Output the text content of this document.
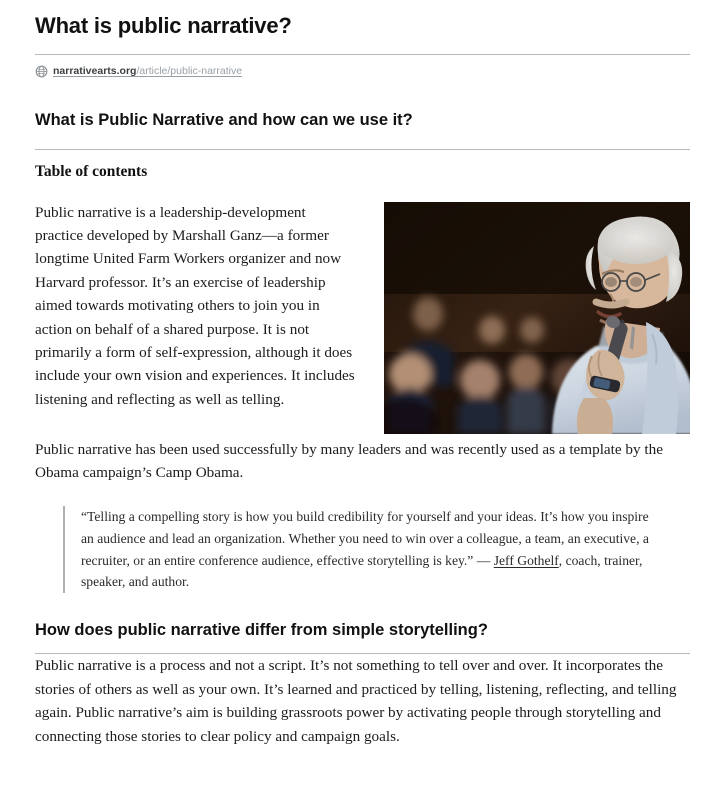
What is public narrative?
narrativearts.org/article/public-narrative
What is Public Narrative and how can we use it?
Table of contents

Public narrative is a leadership-development practice developed by Marshall Ganz—a former longtime United Farm Workers organizer and now Harvard professor. It’s an exercise of leadership aimed towards motivating others to join you in action on behalf of a shared purpose. It is not primarily a form of self-expression, although it does include your own vision and experiences. It includes listening and reflecting as well as telling.

Public narrative has been used successfully by many leaders and was recently used as a template by the Obama campaign’s Camp Obama.

“Telling a compelling story is how you build credibility for yourself and your ideas. It’s how you inspire an audience and lead an organization. Whether you need to win over a colleague, a team, an executive, a recruiter, or an entire conference audience, effective storytelling is key.” — Jeff Gothelf, coach, trainer, speaker, and author.

How does public narrative differ from simple storytelling?

Public narrative is a process and not a script. It’s not something to tell over and over. It incorporates the stories of others as well as your own. It’s learned and practiced by telling, listening, reflecting, and telling again. Public narrative’s aim is building grassroots power by activating people through storytelling and connecting those stories to clear policy and campaign goals.
